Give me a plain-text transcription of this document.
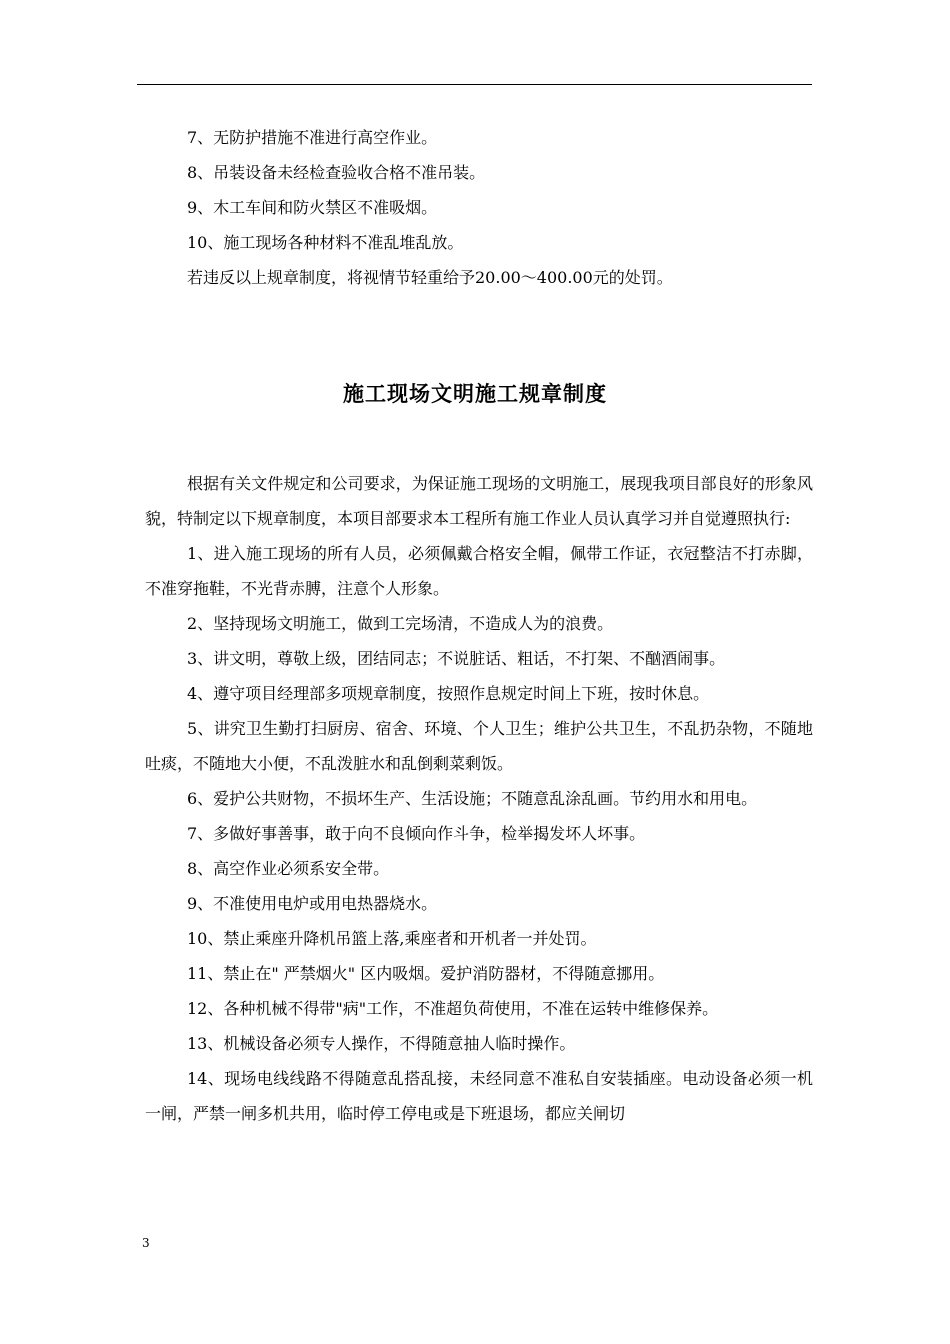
7、无防护措施不准进行高空作业。

8、吊装设备未经检查验收合格不准吊装。

9、木工车间和防火禁区不准吸烟。

10、施工现场各种材料不准乱堆乱放。

若违反以上规章制度，将视情节轻重给予20.00～400.00元的处罚。

施工现场文明施工规章制度

根据有关文件规定和公司要求，为保证施工现场的文明施工，展现我项目部良好的形象风貌，特制定以下规章制度，本项目部要求本工程所有施工作业人员认真学习并自觉遵照执行:

1、进入施工现场的所有人员，必须佩戴合格安全帽，佩带工作证，衣冠整洁不打赤脚，不准穿拖鞋，不光背赤膊，注意个人形象。

2、坚持现场文明施工，做到工完场清，不造成人为的浪费。

3、讲文明，尊敬上级，团结同志；不说脏话、粗话，不打架、不酗酒闹事。

4、遵守项目经理部多项规章制度，按照作息规定时间上下班，按时休息。

5、讲究卫生勤打扫厨房、宿舍、环境、个人卫生；维护公共卫生，不乱扔杂物，不随地吐痰，不随地大小便，不乱泼脏水和乱倒剩菜剩饭。

6、爱护公共财物，不损坏生产、生活设施；不随意乱涂乱画。节约用水和用电。

7、多做好事善事，敢于向不良倾向作斗争，检举揭发坏人坏事。

8、高空作业必须系安全带。

9、不准使用电炉或用电热器烧水。

10、禁止乘座升降机吊篮上落,乘座者和开机者一并处罚。

11、禁止在" 严禁烟火" 区内吸烟。爱护消防器材，不得随意挪用。

12、各种机械不得带"病"工作，不准超负荷使用，不准在运转中维修保养。

13、机械设备必须专人操作，不得随意抽人临时操作。

14、现场电线线路不得随意乱搭乱接，未经同意不准私自安装插座。电动设备必须一机一闸，严禁一闸多机共用，临时停工停电或是下班退场，都应关闸切

3
